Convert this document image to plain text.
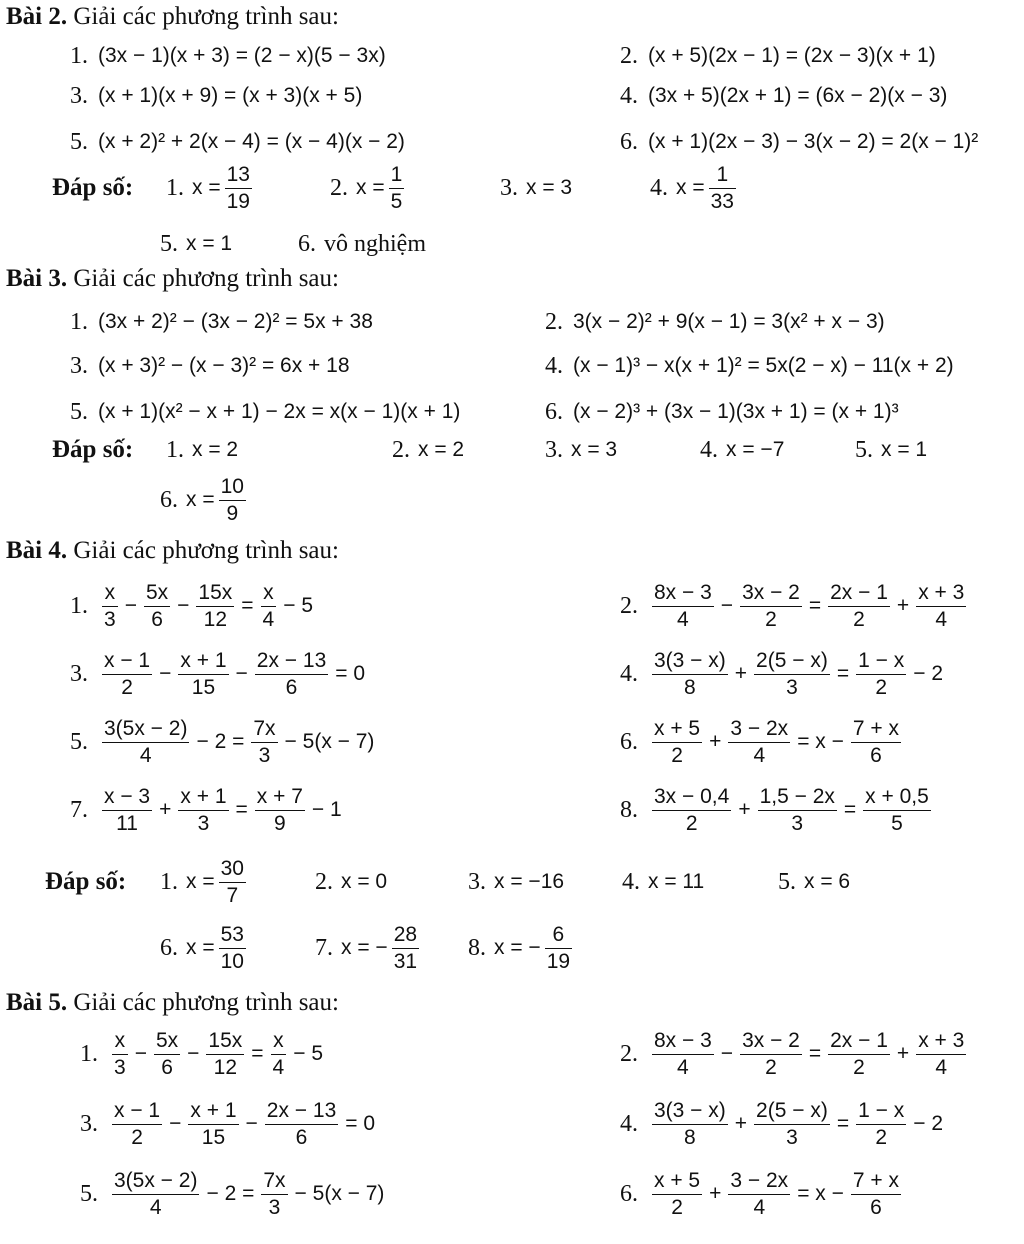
Bài 2. Giải các phương trình sau:
1. (3x − 1)(x + 3) = (2 − x)(5 − 3x)	2. (x + 5)(2x − 1) = (2x − 3)(x + 1)
3. (x + 1)(x + 9) = (x + 3)(x + 5)	4. (3x + 5)(2x + 1) = (6x − 2)(x − 3)
5. (x + 2)² + 2(x − 4) = (x − 4)(x − 2)	6. (x + 1)(2x − 3) − 3(x − 2) = 2(x − 1)²
Đáp số: 1. $x = \frac{13}{19}$	2. $x = \frac{1}{5}$	3. x = 3	4. $x = \frac{1}{33}$
5. x = 1	6. vô nghiệm
Bài 3. Giải các phương trình sau:
1. (3x + 2)² − (3x − 2)² = 5x + 38	2. 3(x − 2)² + 9(x − 1) = 3(x² + x − 3)
3. (x + 3)² − (x − 3)² = 6x + 18	4. (x − 1)³ − x(x + 1)² = 5x(2 − x) − 11(x + 2)
5. (x + 1)(x² − x + 1) − 2x = x(x − 1)(x + 1)	6. (x − 2)³ + (3x − 1)(3x + 1) = (x + 1)³
Đáp số: 1. x = 2	2. x = 2	3. x = 3	4. x = −7	5. x = 1
6. $x = \frac{10}{9}$
Bài 4. Giải các phương trình sau:
1. $\frac{x}{3} - \frac{5x}{6} - \frac{15x}{12} = \frac{x}{4} - 5$	2. $\frac{8x - 3}{4} - \frac{3x - 2}{2} = \frac{2x - 1}{2} + \frac{x + 3}{4}$
3. $\frac{x - 1}{2} - \frac{x + 1}{15} - \frac{2x - 13}{6} = 0$	4. $\frac{3(3 - x)}{8} + \frac{2(5 - x)}{3} = \frac{1 - x}{2} - 2$
5. $\frac{3(5x - 2)}{4} - 2 = \frac{7x}{3} - 5(x - 7)$	6. $\frac{x + 5}{2} + \frac{3 - 2x}{4} = x - \frac{7 + x}{6}$
7. $\frac{x - 3}{11} + \frac{x + 1}{3} = \frac{x + 7}{9} - 1$	8. $\frac{3x - 0,4}{2} + \frac{1,5 - 2x}{3} = \frac{x + 0,5}{5}$
Đáp số: 1. $x = \frac{30}{7}$	2. x = 0	3. x = −16 4. x = 11	5. x = 6
6. $x = \frac{53}{10}$	7. x = − $\frac{28}{31} 8$. x = − $\frac{6}{19}$
Bài 5. Giải các phương trình sau:
1. $\frac{x}{3} - \frac{5x}{6} - \frac{15x}{12} = \frac{x}{4} - 5$	2. $\frac{8x - 3}{4} - \frac{3x - 2}{2} = \frac{2x - 1}{2} + \frac{x + 3}{4}$
3. $\frac{x - 1}{2} - \frac{x + 1}{15} - \frac{2x - 13}{6} = 0$	4. $\frac{3(3 - x)}{8} + \frac{2(5 - x)}{3} = \frac{1 - x}{2} - 2$
5. $\frac{3(5x - 2)}{4} - 2 = \frac{7x}{3} - 5(x - 7)$	6. $\frac{x + 5}{2} + \frac{3 - 2x}{4} = x - \frac{7 + x}{6}$
